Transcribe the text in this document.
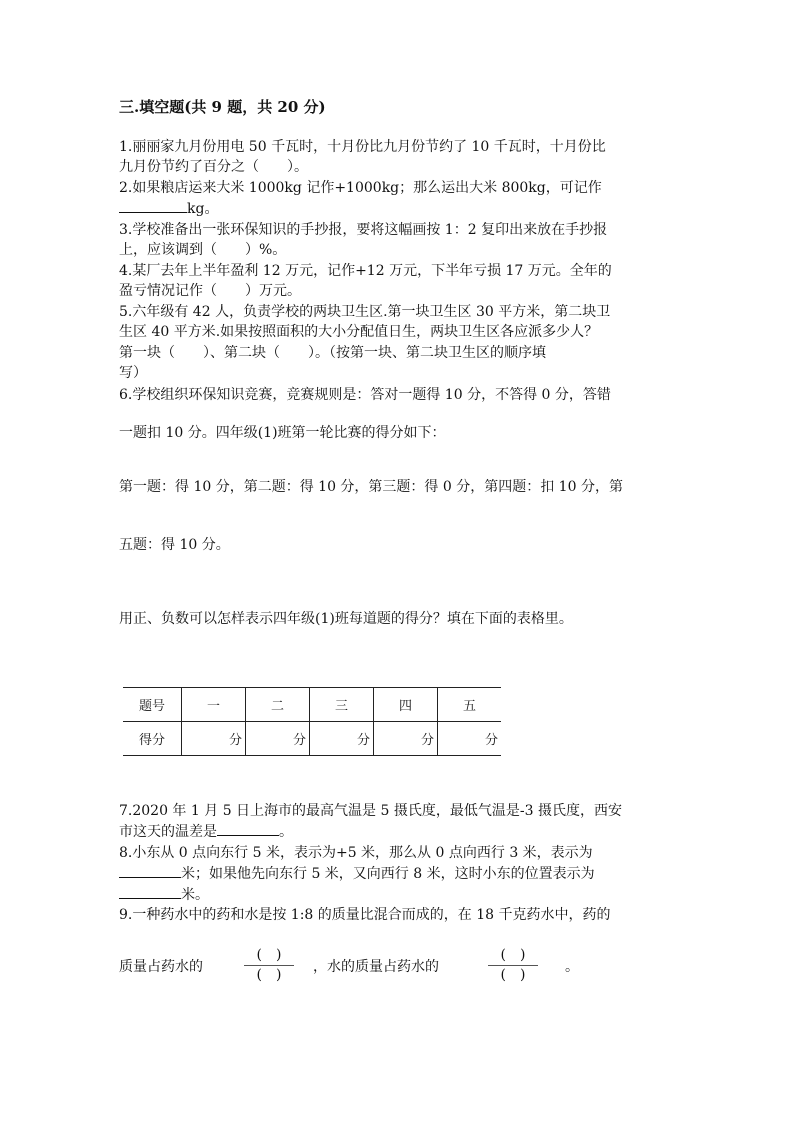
三.填空题(共 9 题，共 20 分)
1.丽丽家九月份用电 50 千瓦时，十月份比九月份节约了 10 千瓦时，十月份比
九月份节约了百分之（　　）。
2.如果粮店运来大米 1000kg 记作+1000kg；那么运出大米 800kg，可记作
kg。
3.学校准备出一张环保知识的手抄报，要将这幅画按 1：2 复印出来放在手抄报
上，应该调到（　　）%。
4.某厂去年上半年盈利 12 万元，记作+12 万元，下半年亏损 17 万元。全年的
盈亏情况记作（　　）万元。
5.六年级有 42 人，负责学校的两块卫生区.第一块卫生区 30 平方米，第二块卫
生区 40 平方米.如果按照面积的大小分配值日生，两块卫生区各应派多少人？
第一块（　　）、第二块（　　）。（按第一块、第二块卫生区的顺序填
写）
6.学校组织环保知识竞赛，竞赛规则是：答对一题得 10 分，不答得 0 分，答错
一题扣 10 分。四年级(1)班第一轮比赛的得分如下：
第一题：得 10 分，第二题：得 10 分，第三题：得 0 分，第四题：扣 10 分，第
五题：得 10 分。
用正、负数可以怎样表示四年级(1)班每道题的得分？填在下面的表格里。
题号	一	二	三	四	五
得分	分	分	分	分	分
7.2020 年 1 月 5 日上海市的最高气温是 5 摄氏度，最低气温是-3 摄氏度，西安
市这天的温差是	。
8.小东从 0 点向东行 5 米，表示为+5 米，那么从 0 点向西行 3 米，表示为
米；如果他先向东行 5 米，又向西行 8 米，这时小东的位置表示为
米。
9.一种药水中的药和水是按 1:8 的质量比混合而成的，在 18 千克药水中，药的
质量占药水的
(　)
(　)	，水的质量占药水的
(　)
(　)	。
